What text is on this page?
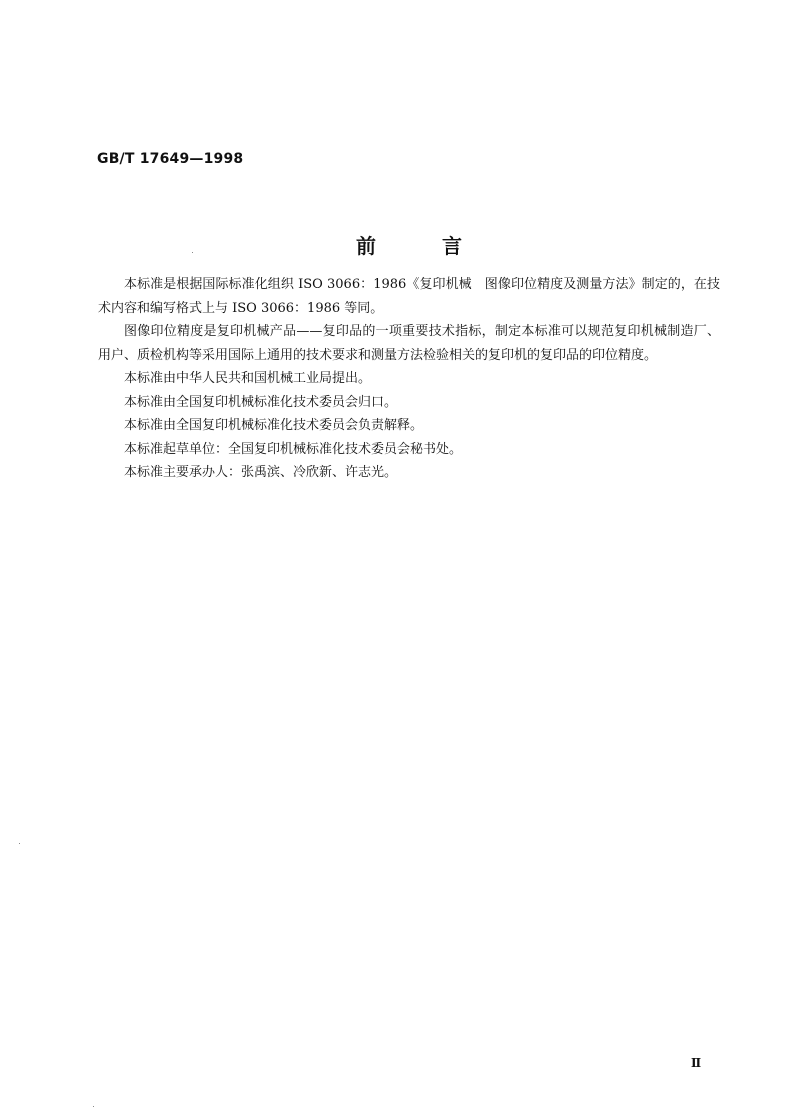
GB/T 17649—1998
前言

本标准是根据国际标准化组织 ISO 3066：1986《复印机械　图像印位精度及测量方法》制定的，在技术内容和编写格式上与 ISO 3066：1986 等同。

图像印位精度是复印机械产品——复印品的一项重要技术指标，制定本标准可以规范复印机械制造厂、用户、质检机构等采用国际上通用的技术要求和测量方法检验相关的复印机的复印品的印位精度。

本标准由中华人民共和国机械工业局提出。

本标准由全国复印机械标准化技术委员会归口。

本标准由全国复印机械标准化技术委员会负责解释。

本标准起草单位：全国复印机械标准化技术委员会秘书处。

本标准主要承办人：张禹滨、冷欣新、许志光。

Ⅱ
